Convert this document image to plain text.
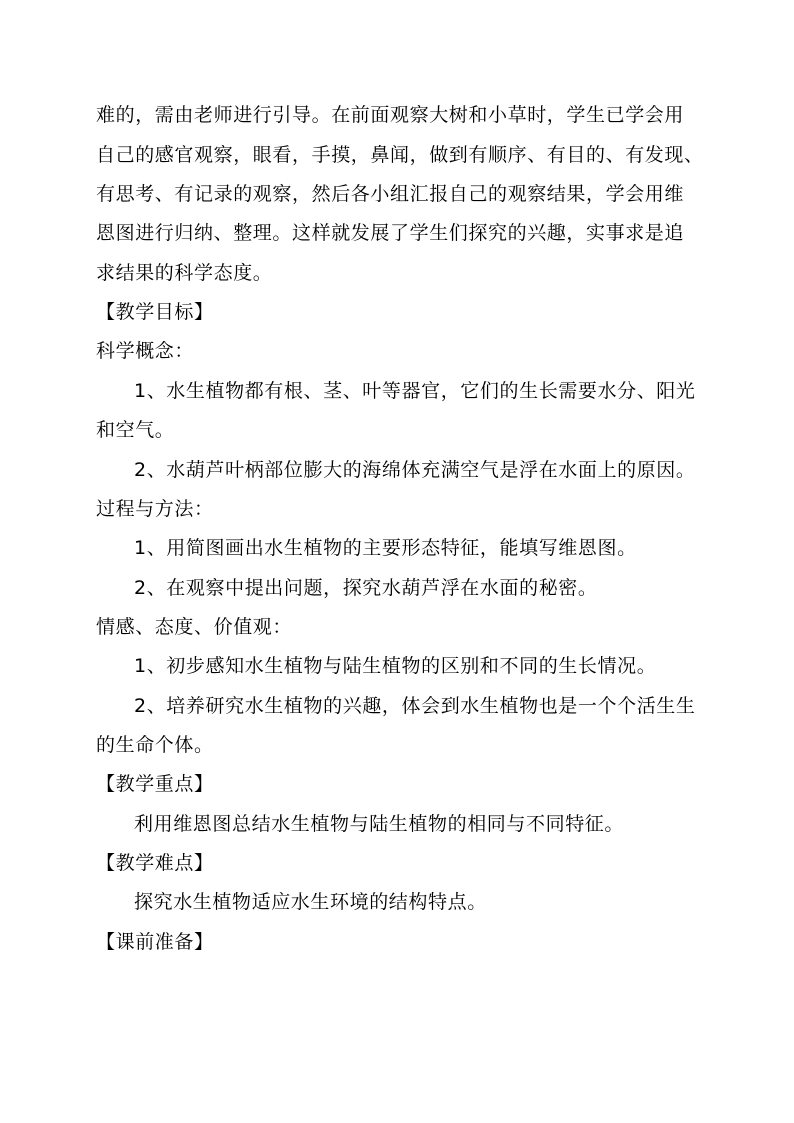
难的，需由老师进行引导。在前面观察大树和小草时，学生已学会用
自己的感官观察，眼看，手摸，鼻闻，做到有顺序、有目的、有发现、
有思考、有记录的观察，然后各小组汇报自己的观察结果，学会用维
恩图进行归纳、整理。这样就发展了学生们探究的兴趣，实事求是追
求结果的科学态度。
【教学目标】
科学概念：
1、水生植物都有根、茎、叶等器官，它们的生长需要水分、阳光
和空气。
2、水葫芦叶柄部位膨大的海绵体充满空气是浮在水面上的原因。
过程与方法：
1、用简图画出水生植物的主要形态特征，能填写维恩图。
2、在观察中提出问题，探究水葫芦浮在水面的秘密。
情感、态度、价值观：
1、初步感知水生植物与陆生植物的区别和不同的生长情况。
2、培养研究水生植物的兴趣，体会到水生植物也是一个个活生生
的生命个体。
【教学重点】
利用维恩图总结水生植物与陆生植物的相同与不同特征。
【教学难点】
探究水生植物适应水生环境的结构特点。
【课前准备】
